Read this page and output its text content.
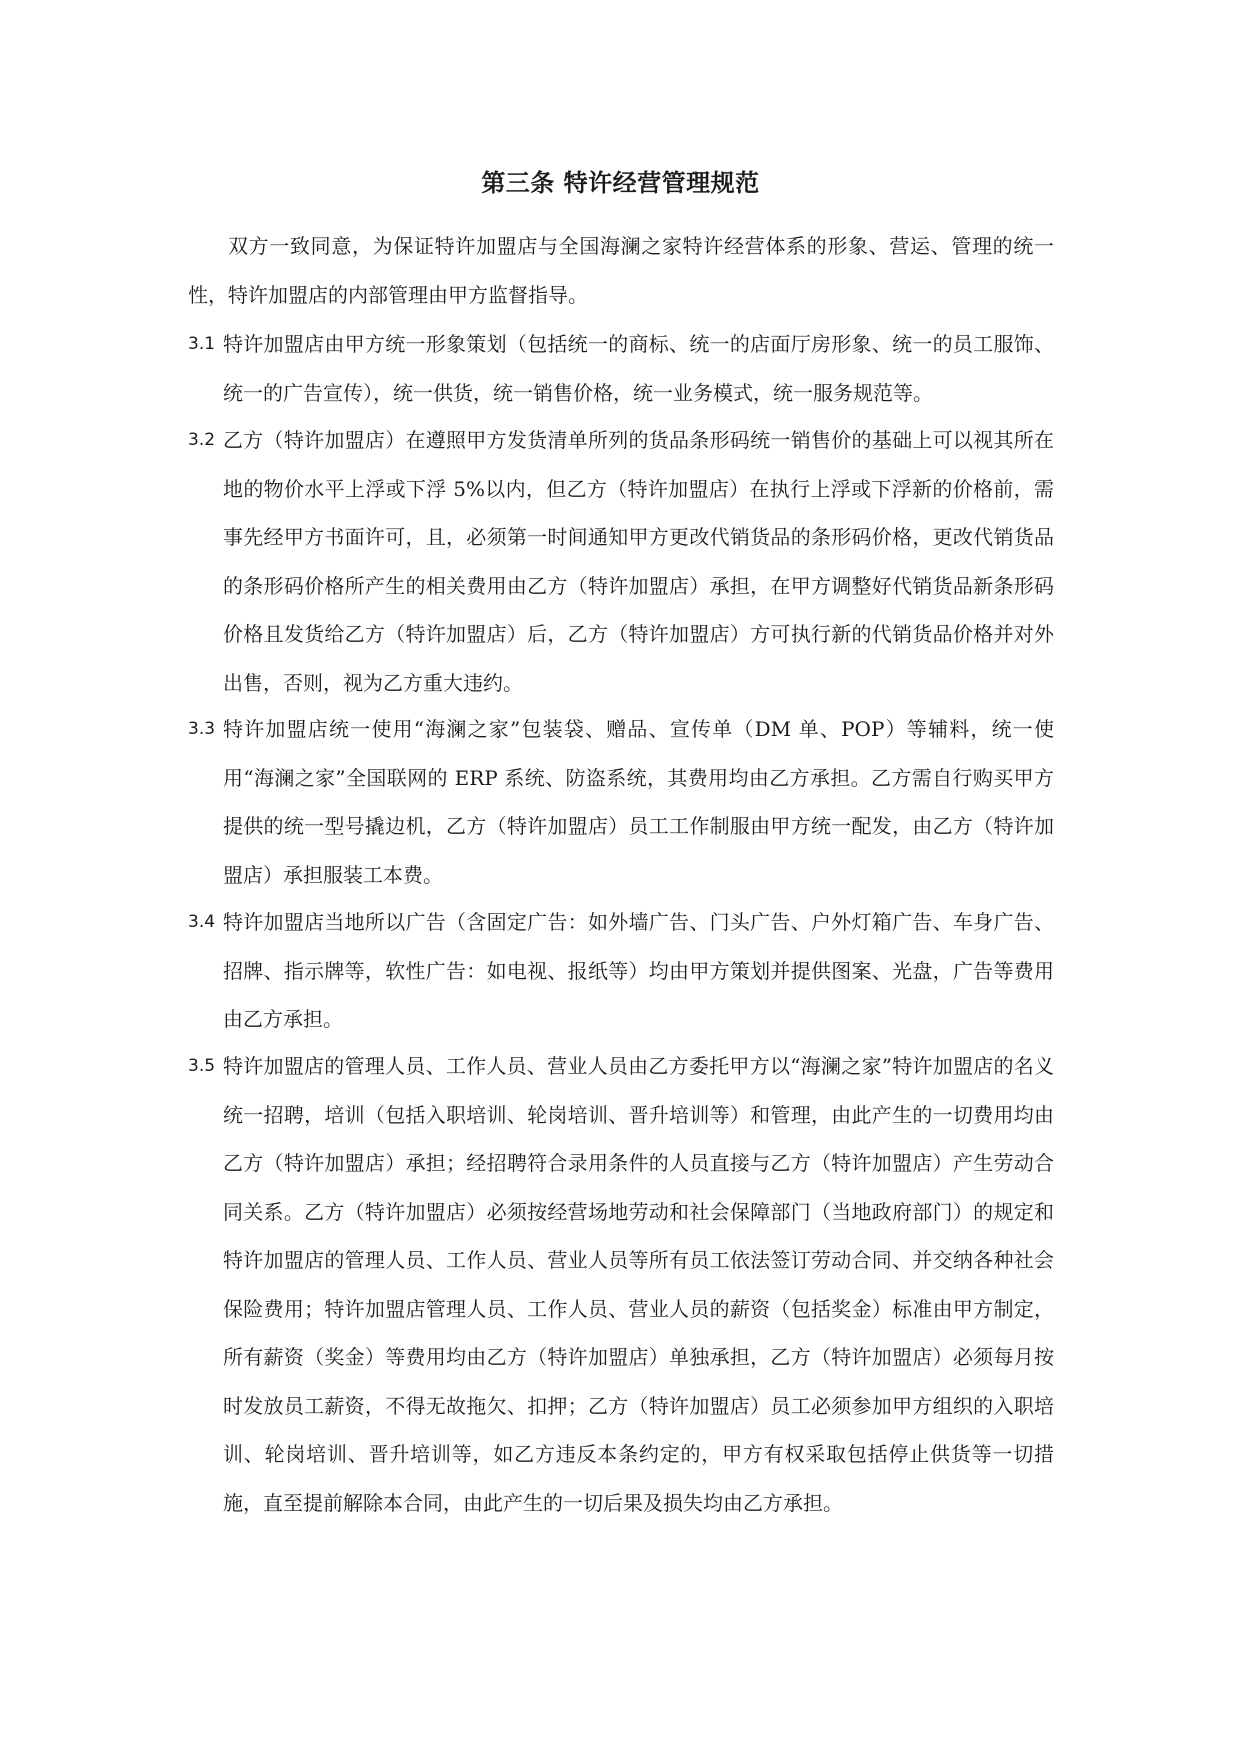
第三条 特许经营管理规范
双方一致同意，为保证特许加盟店与全国海澜之家特许经营体系的形象、营运、管理的统一性，特许加盟店的内部管理由甲方监督指导。
3.1 特许加盟店由甲方统一形象策划（包括统一的商标、统一的店面厅房形象、统一的员工服饰、统一的广告宣传），统一供货，统一销售价格，统一业务模式，统一服务规范等。
3.2 乙方（特许加盟店）在遵照甲方发货清单所列的货品条形码统一销售价的基础上可以视其所在地的物价水平上浮或下浮 5%以内，但乙方（特许加盟店）在执行上浮或下浮新的价格前，需事先经甲方书面许可，且，必须第一时间通知甲方更改代销货品的条形码价格，更改代销货品的条形码价格所产生的相关费用由乙方（特许加盟店）承担，在甲方调整好代销货品新条形码价格且发货给乙方（特许加盟店）后，乙方（特许加盟店）方可执行新的代销货品价格并对外出售，否则，视为乙方重大违约。
3.3 特许加盟店统一使用“海澜之家”包装袋、赠品、宣传单（DM 单、POP）等辅料，统一使用“海澜之家”全国联网的 ERP 系统、防盗系统，其费用均由乙方承担。乙方需自行购买甲方提供的统一型号撬边机，乙方（特许加盟店）员工工作制服由甲方统一配发，由乙方（特许加盟店）承担服装工本费。
3.4 特许加盟店当地所以广告（含固定广告：如外墙广告、门头广告、户外灯箱广告、车身广告、招牌、指示牌等，软性广告：如电视、报纸等）均由甲方策划并提供图案、光盘，广告等费用由乙方承担。
3.5 特许加盟店的管理人员、工作人员、营业人员由乙方委托甲方以“海澜之家”特许加盟店的名义统一招聘，培训（包括入职培训、轮岗培训、晋升培训等）和管理，由此产生的一切费用均由乙方（特许加盟店）承担；经招聘符合录用条件的人员直接与乙方（特许加盟店）产生劳动合同关系。乙方（特许加盟店）必须按经营场地劳动和社会保障部门（当地政府部门）的规定和特许加盟店的管理人员、工作人员、营业人员等所有员工依法签订劳动合同、并交纳各种社会保险费用；特许加盟店管理人员、工作人员、营业人员的薪资（包括奖金）标准由甲方制定，所有薪资（奖金）等费用均由乙方（特许加盟店）单独承担，乙方（特许加盟店）必须每月按时发放员工薪资，不得无故拖欠、扣押；乙方（特许加盟店）员工必须参加甲方组织的入职培训、轮岗培训、晋升培训等，如乙方违反本条约定的，甲方有权采取包括停止供货等一切措施，直至提前解除本合同，由此产生的一切后果及损失均由乙方承担。
